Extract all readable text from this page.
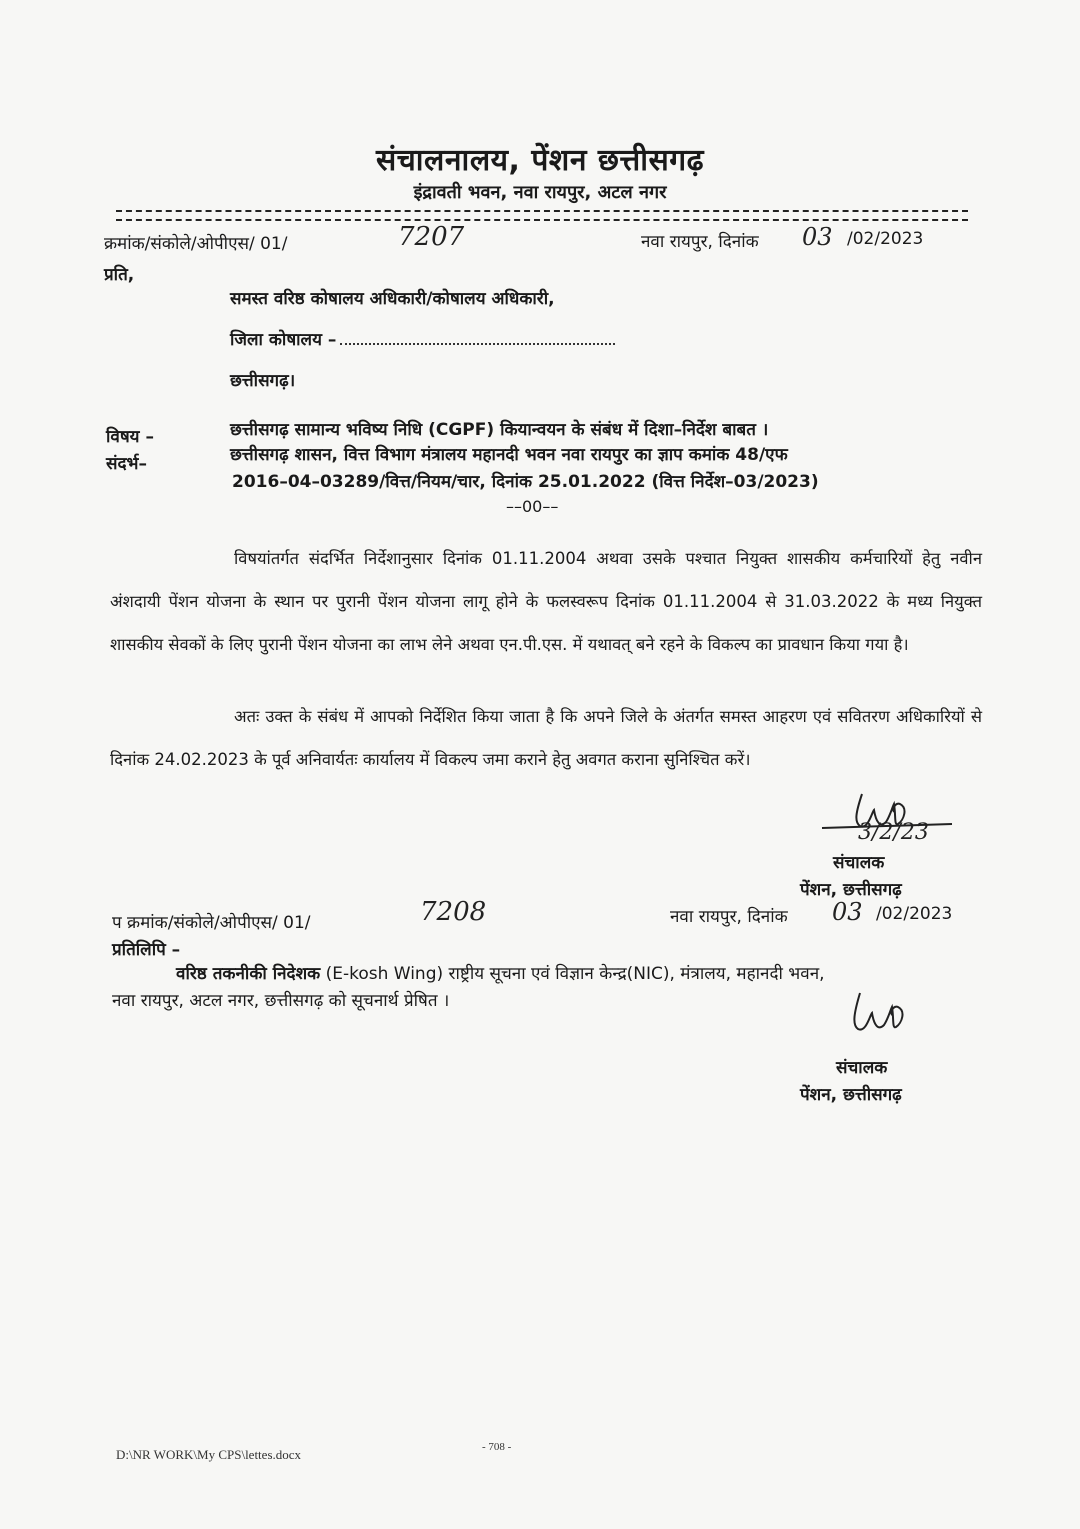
संचालनालय, पेंशन छत्तीसगढ़
इंद्रावती भवन, नवा रायपुर, अटल नगर
क्रमांक/संकोले/ओपीएस/ 01/	7207	नवा रायपुर, दिनांक 03 /02/2023
प्रति,
समस्त वरिष्ठ कोषालय अधिकारी/कोषालय अधिकारी,
जिला कोषालय –
छत्तीसगढ़।
विषय –	छत्तीसगढ़ सामान्य भविष्य निधि (CGPF) कियान्वयन के संबंध में दिशा–निर्देश बाबत ।
संदर्भ–	छत्तीसगढ़ शासन, वित्त विभाग मंत्रालय महानदी भवन नवा रायपुर का ज्ञाप कमांक 48/एफ
2016–04–03289/वित्त/नियम/चार, दिनांक 25.01.2022 (वित्त निर्देश–03/2023)
––00––
विषयांतर्गत संदर्भित निर्देशानुसार दिनांक 01.11.2004 अथवा उसके पश्चात नियुक्त शासकीय कर्मचारियों हेतु नवीन अंशदायी पेंशन योजना के स्थान पर पुरानी पेंशन योजना लागू होने के फलस्वरूप दिनांक 01.11.2004 से 31.03.2022 के मध्य नियुक्त शासकीय सेवकों के लिए पुरानी पेंशन योजना का लाभ लेने अथवा एन.पी.एस. में यथावत् बने रहने के विकल्प का प्रावधान किया गया है।
अतः उक्त के संबंध में आपको निर्देशित किया जाता है कि अपने जिले के अंतर्गत समस्त आहरण एवं सवितरण अधिकारियों से दिनांक 24.02.2023 के पूर्व अनिवार्यतः कार्यालय में विकल्प जमा कराने हेतु अवगत कराना सुनिश्चित करें।
3/2/23
संचालक
पेंशन, छत्तीसगढ़
प क्रमांक/संकोले/ओपीएस/ 01/	7208	नवा रायपुर, दिनांक 03 /02/2023
प्रतिलिपि –
वरिष्ठ तकनीकी निदेशक (E-kosh Wing) राष्ट्रीय सूचना एवं विज्ञान केन्द्र(NIC), मंत्रालय, महानदी भवन,
नवा रायपुर, अटल नगर, छत्तीसगढ़ को सूचनार्थ प्रेषित ।
संचालक
पेंशन, छत्तीसगढ़
D:\NR WORK\My CPS\lettes.docx	- 708 -
